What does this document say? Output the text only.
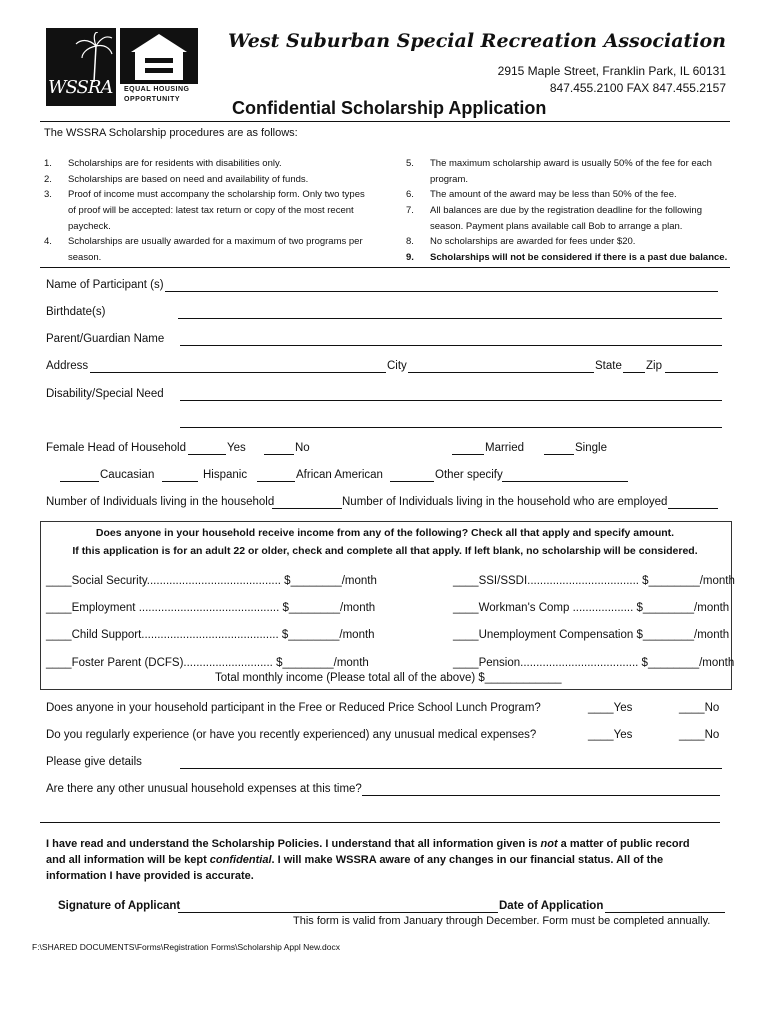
WSSRA EQUAL HOUSING
OPPORTUNITY
West Suburban Special Recreation Association
2915 Maple Street, Franklin Park, IL 60131
847.455.2100 FAX 847.455.2157
Confidential Scholarship Application
The WSSRA Scholarship procedures are as follows:
1. Scholarships are for residents with disabilities only.
2. Scholarships are based on need and availability of funds.
3. Proof of income must accompany the scholarship form. Only two types
of proof will be accepted: latest tax return or copy of the most recent
paycheck.
4. Scholarships are usually awarded for a maximum of two programs per
season.
5. The maximum scholarship award is usually 50% of the fee for each
program.
6. The amount of the award may be less than 50% of the fee.
7. All balances are due by the registration deadline for the following
season. Payment plans available call Bob to arrange a plan.
8. No scholarships are awarded for fees under $20.
9. Scholarships will not be considered if there is a past due balance.
Name of Participant (s)
Birthdate(s)
Parent/Guardian Name
Address	City	State Zip
Disability/Special Need
Female Head of Household	Yes	No	Married	Single
Caucasian	Hispanic	African American	Other specify
Number of Individuals living in the household	Number of Individuals living in the household who are employed
Does anyone in your household receive income from any of the following? Check all that apply and specify amount.
If this application is for an adult 22 or older, check and complete all that apply. If left blank, no scholarship will be considered.
____Social Security.......................................... $________/month	____SSI/SSDI................................... $________/month
____Employment ............................................ $________/month	____Workman's Comp ................... $________/month
____Child Support........................................... $________/month	____Unemployment Compensation $________/month
____Foster Parent (DCFS)............................ $________/month	____Pension..................................... $________/month
Total monthly income (Please total all of the above) $____________
Does anyone in your household participant in the Free or Reduced Price School Lunch Program?	____Yes	____No
Do you regularly experience (or have you recently experienced) any unusual medical expenses?	____Yes	____No
Please give details
Are there any other unusual household expenses at this time?
I have read and understand the Scholarship Policies. I understand that all information given is not a matter of public record
and all information will be kept confidential. I will make WSSRA aware of any changes in our financial status. All of the
information I have provided is accurate.
Signature of Applicant	Date of Application
This form is valid from January through December. Form must be completed annually.
F:\SHARED DOCUMENTS\Forms\Registration Forms\Scholarship Appl New.docx
